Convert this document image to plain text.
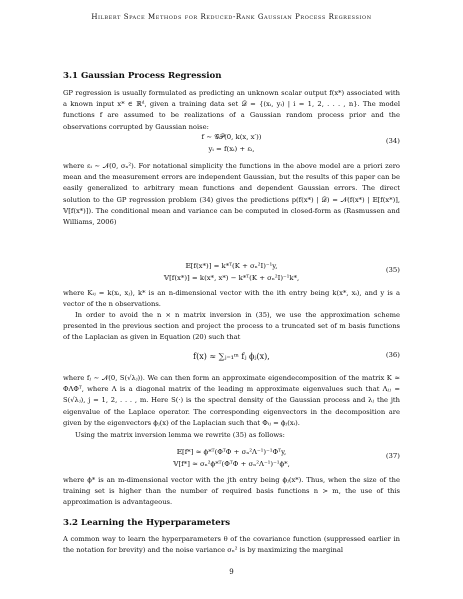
Hilbert Space Methods for Reduced-Rank Gaussian Process Regression
3.1 Gaussian Process Regression

GP regression is usually formulated as predicting an unknown scalar output f(x*) associated with a known input x* ∈ ℝᵈ, given a training data set 𝒟 = {(xᵢ, yᵢ) | i = 1, 2, . . . , n}. The model functions f are assumed to be realizations of a Gaussian random process prior and the observations corrupted by Gaussian noise:

f ∼ 𝒢𝒫(0, k(x, x′))
yᵢ = f(xᵢ) + εᵢ,
(34)

where εᵢ ∼ 𝒩(0, σₙ²). For notational simplicity the functions in the above model are a priori zero mean and the measurement errors are independent Gaussian, but the results of this paper can be easily generalized to arbitrary mean functions and dependent Gaussian errors. The direct solution to the GP regression problem (34) gives the predictions p(f(x*) | 𝒟) = 𝒩(f(x*) | 𝔼[f(x*)], 𝕍[f(x*)]). The conditional mean and variance can be computed in closed-form as (Rasmussen and Williams, 2006)

𝔼[f(x*)] = k*ᵀ(K + σₙ²I)⁻¹y,
𝕍[f(x*)] = k(x*, x*) − k*ᵀ(K + σₙ²I)⁻¹k*,
(35)

where Kᵢⱼ = k(xᵢ, xⱼ), k* is an n-dimensional vector with the ith entry being k(x*, xᵢ), and y is a vector of the n observations.

In order to avoid the n × n matrix inversion in (35), we use the approximation scheme presented in the previous section and project the process to a truncated set of m basis functions of the Laplacian as given in Equation (20) such that

f(x) ≈ ∑ⱼ₌₁ᵐ fⱼ ϕⱼ(x),	(36)

where fⱼ ∼ 𝒩(0, S(√λⱼ)). We can then form an approximate eigendecomposition of the matrix K ≈ ΦΛΦᵀ, where Λ is a diagonal matrix of the leading m approximate eigenvalues such that Λⱼⱼ = S(√λⱼ), j = 1, 2, . . . , m. Here S(·) is the spectral density of the Gaussian process and λⱼ the jth eigenvalue of the Laplace operator. The corresponding eigenvectors in the decomposition are given by the eigenvectors ϕⱼ(x) of the Laplacian such that Φᵢⱼ = ϕⱼ(xᵢ).

Using the matrix inversion lemma we rewrite (35) as follows:

𝔼[f*] ≈ ϕ*ᵀ(ΦᵀΦ + σₙ²Λ⁻¹)⁻¹Φᵀy,
𝕍[f*] ≈ σₙ²ϕ*ᵀ(ΦᵀΦ + σₙ²Λ⁻¹)⁻¹ϕ*,
(37)

where ϕ* is an m-dimensional vector with the jth entry being ϕⱼ(x*). Thus, when the size of the training set is higher than the number of required basis functions n > m, the use of this approximation is advantageous.

3.2 Learning the Hyperparameters

A common way to learn the hyperparameters θ of the covariance function (suppressed earlier in the notation for brevity) and the noise variance σₙ² is by maximizing the marginal

9
